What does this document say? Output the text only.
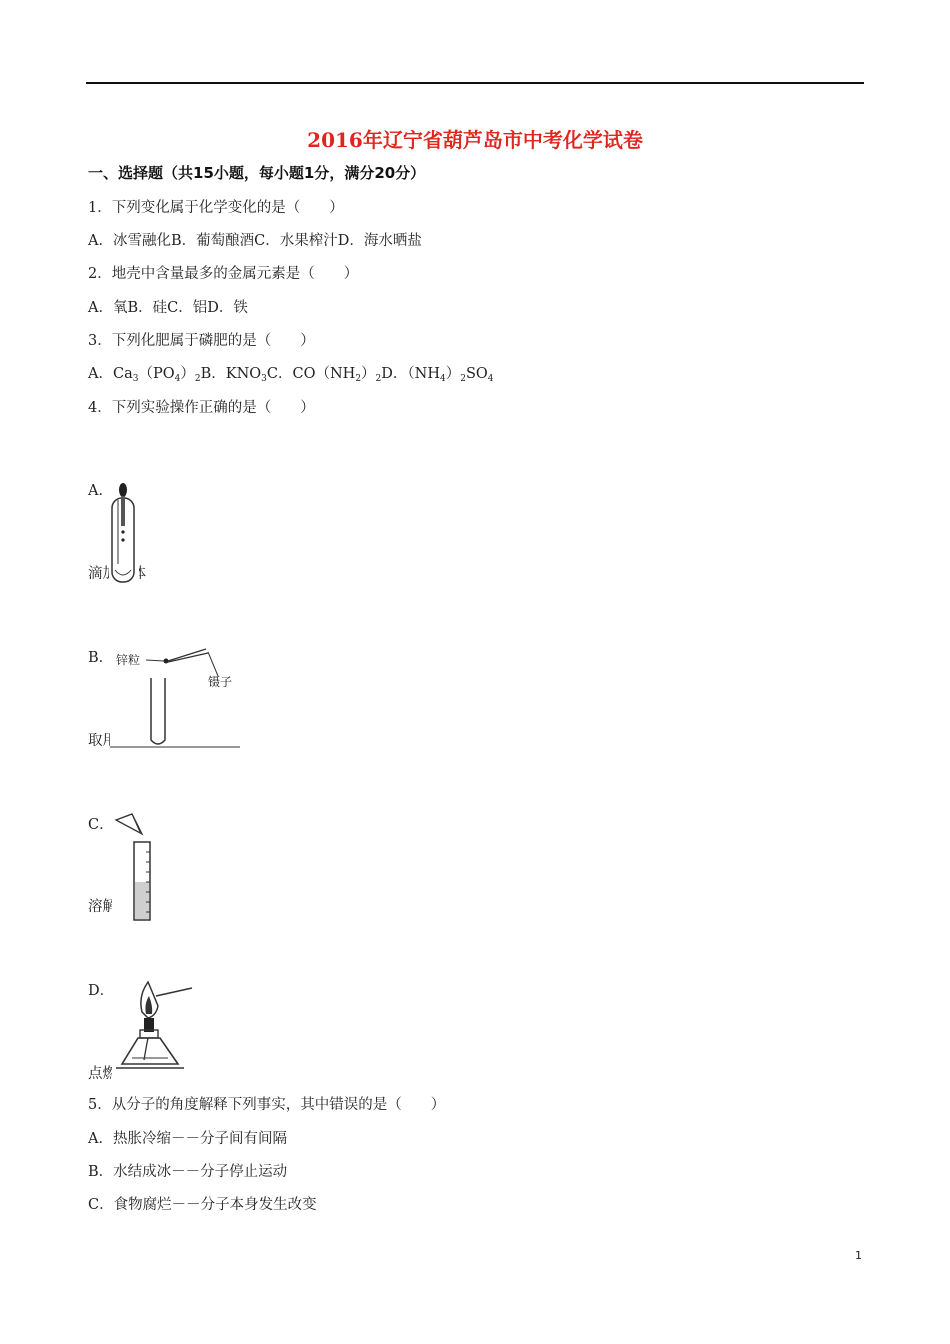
2016年辽宁省葫芦岛市中考化学试卷
一、选择题（共15小题，每小题1分，满分20分）
1．下列变化属于化学变化的是（　　）
A．冰雪融化B．葡萄酿酒C．水果榨汁D．海水晒盐
2．地壳中含量最多的金属元素是（　　）
A．氧B．硅C．铝D．铁
3．下列化肥属于磷肥的是（　　）
A．$Ca_3(PO_4)_2B$．$KNO_3C$．$CO(NH_2)_2D$．$(NH_4)_2SO_4$
4．下列实验操作正确的是（　　）
A．
滴加液体
B．
取用
锌粒
镊子
C．
溶解
D．
点燃
5．从分子的角度解释下列事实，其中错误的是（　　）
A．热胀冷缩－－分子间有间隔
B．水结成冰－－分子停止运动
C．食物腐烂－－分子本身发生改变
1
